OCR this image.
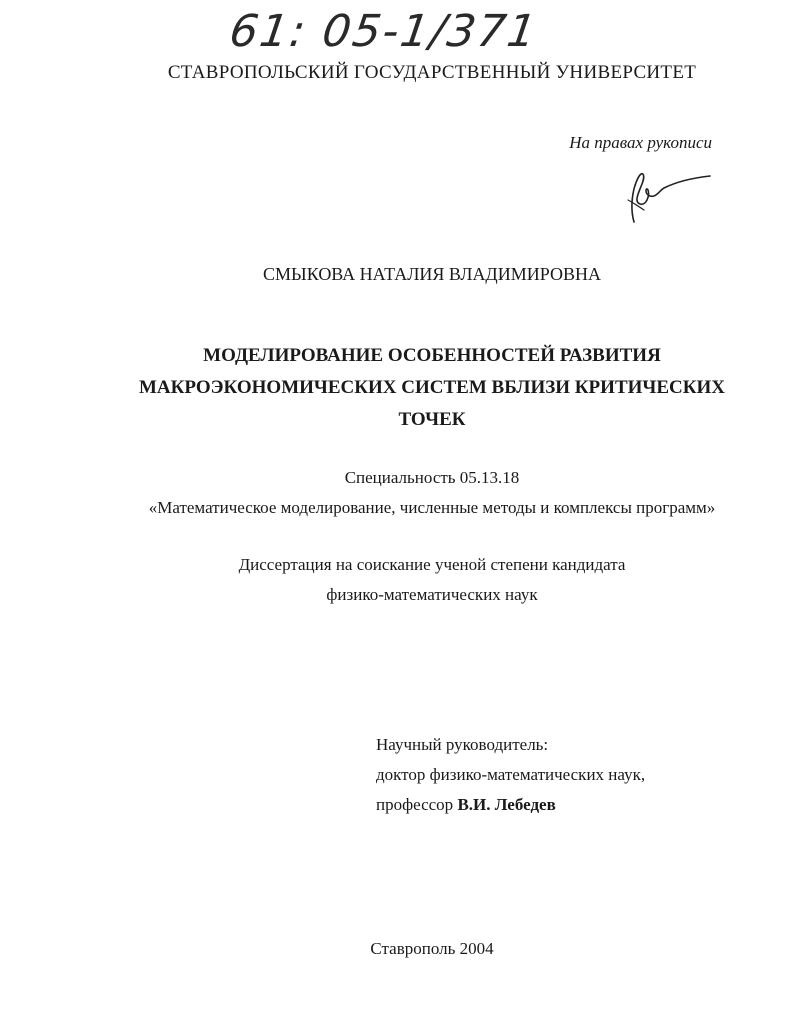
61: 05-1/371
СТАВРОПОЛЬСКИЙ ГОСУДАРСТВЕННЫЙ УНИВЕРСИТЕТ
На правах рукописи
СМЫКОВА НАТАЛИЯ ВЛАДИМИРОВНА
МОДЕЛИРОВАНИЕ ОСОБЕННОСТЕЙ РАЗВИТИЯ
МАКРОЭКОНОМИЧЕСКИХ СИСТЕМ ВБЛИЗИ КРИТИЧЕСКИХ
ТОЧЕК
Специальность 05.13.18
«Математическое моделирование, численные методы и комплексы программ»
Диссертация на соискание ученой степени кандидата
физико-математических наук
Научный руководитель:
доктор физико-математических наук,
профессор В.И. Лебедев
Ставрополь 2004
